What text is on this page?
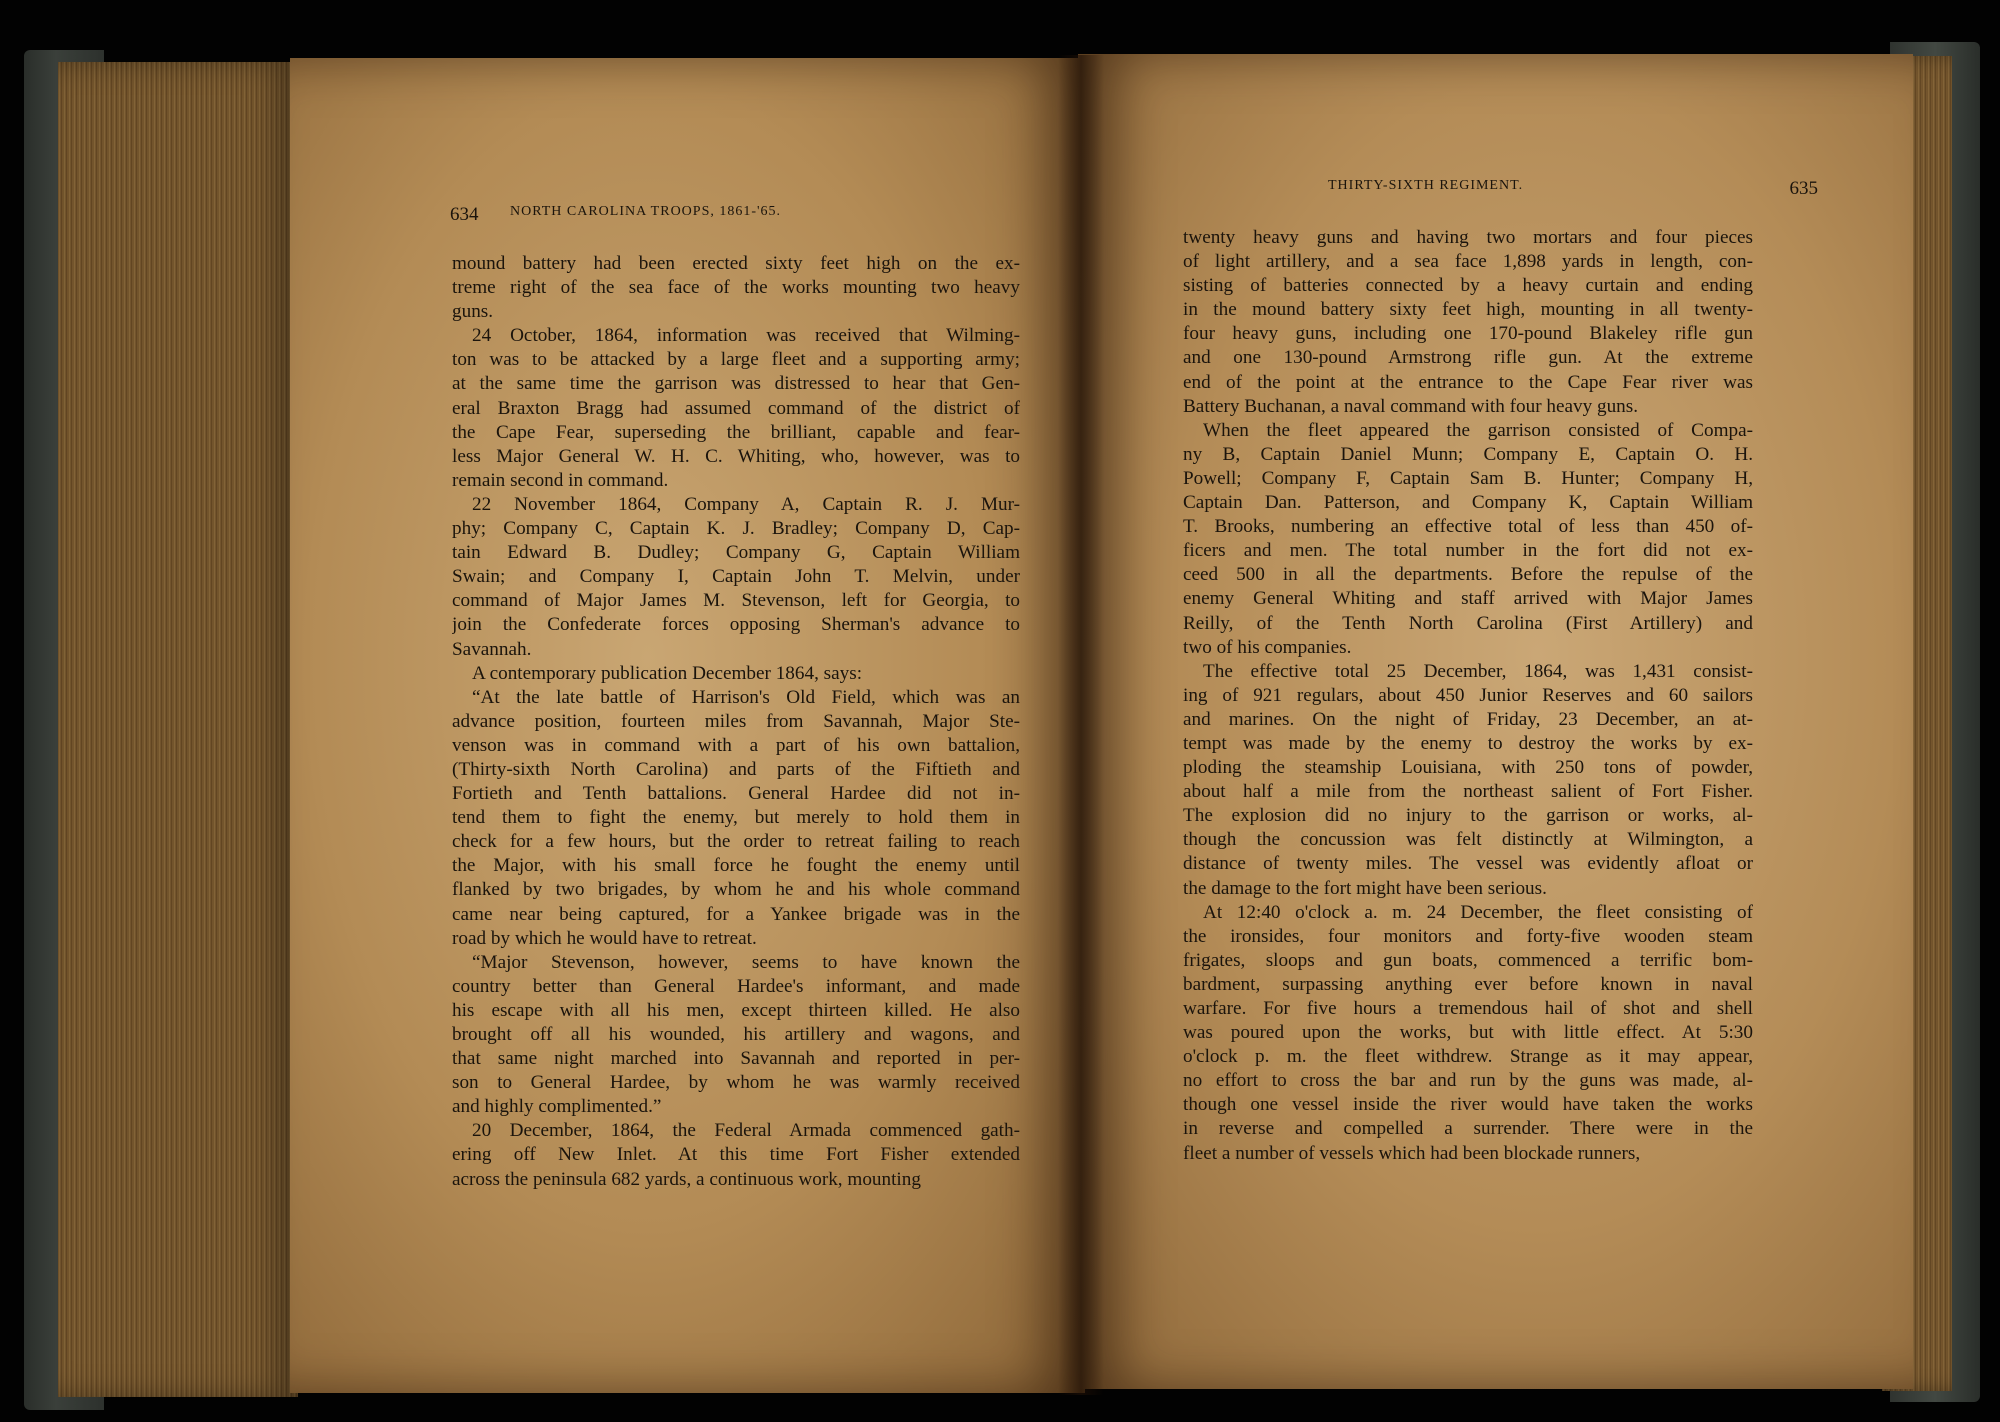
634 NORTH CAROLINA TROOPS, 1861-'65.
mound battery had been erected sixty feet high on the ex-
treme right of the sea face of the works mounting two heavy
guns.
24 October, 1864, information was received that Wilming-
ton was to be attacked by a large fleet and a supporting army;
at the same time the garrison was distressed to hear that Gen-
eral Braxton Bragg had assumed command of the district of
the Cape Fear, superseding the brilliant, capable and fear-
less Major General W. H. C. Whiting, who, however, was to
remain second in command.
22 November 1864, Company A, Captain R. J. Mur-
phy; Company C, Captain K. J. Bradley; Company D, Cap-
tain Edward B. Dudley; Company G, Captain William
Swain; and Company I, Captain John T. Melvin, under
command of Major James M. Stevenson, left for Georgia, to
join the Confederate forces opposing Sherman's advance to
Savannah.
A contemporary publication December 1864, says:
“At the late battle of Harrison's Old Field, which was an
advance position, fourteen miles from Savannah, Major Ste-
venson was in command with a part of his own battalion,
(Thirty-sixth North Carolina) and parts of the Fiftieth and
Fortieth and Tenth battalions. General Hardee did not in-
tend them to fight the enemy, but merely to hold them in
check for a few hours, but the order to retreat failing to reach
the Major, with his small force he fought the enemy until
flanked by two brigades, by whom he and his whole command
came near being captured, for a Yankee brigade was in the
road by which he would have to retreat.
“Major Stevenson, however, seems to have known the
country better than General Hardee's informant, and made
his escape with all his men, except thirteen killed. He also
brought off all his wounded, his artillery and wagons, and
that same night marched into Savannah and reported in per-
son to General Hardee, by whom he was warmly received
and highly complimented.”
20 December, 1864, the Federal Armada commenced gath-
ering off New Inlet. At this time Fort Fisher extended
across the peninsula 682 yards, a continuous work, mounting
THIRTY-SIXTH REGIMENT.	635
twenty heavy guns and having two mortars and four pieces
of light artillery, and a sea face 1,898 yards in length, con-
sisting of batteries connected by a heavy curtain and ending
in the mound battery sixty feet high, mounting in all twenty-
four heavy guns, including one 170-pound Blakeley rifle gun
and one 130-pound Armstrong rifle gun. At the extreme
end of the point at the entrance to the Cape Fear river was
Battery Buchanan, a naval command with four heavy guns.
When the fleet appeared the garrison consisted of Compa-
ny B, Captain Daniel Munn; Company E, Captain O. H.
Powell; Company F, Captain Sam B. Hunter; Company H,
Captain Dan. Patterson, and Company K, Captain William
T. Brooks, numbering an effective total of less than 450 of-
ficers and men. The total number in the fort did not ex-
ceed 500 in all the departments. Before the repulse of the
enemy General Whiting and staff arrived with Major James
Reilly, of the Tenth North Carolina (First Artillery) and
two of his companies.
The effective total 25 December, 1864, was 1,431 consist-
ing of 921 regulars, about 450 Junior Reserves and 60 sailors
and marines. On the night of Friday, 23 December, an at-
tempt was made by the enemy to destroy the works by ex-
ploding the steamship Louisiana, with 250 tons of powder,
about half a mile from the northeast salient of Fort Fisher.
The explosion did no injury to the garrison or works, al-
though the concussion was felt distinctly at Wilmington, a
distance of twenty miles. The vessel was evidently afloat or
the damage to the fort might have been serious.
At 12:40 o'clock a. m. 24 December, the fleet consisting of
the ironsides, four monitors and forty-five wooden steam
frigates, sloops and gun boats, commenced a terrific bom-
bardment, surpassing anything ever before known in naval
warfare. For five hours a tremendous hail of shot and shell
was poured upon the works, but with little effect. At 5:30
o'clock p. m. the fleet withdrew. Strange as it may appear,
no effort to cross the bar and run by the guns was made, al-
though one vessel inside the river would have taken the works
in reverse and compelled a surrender. There were in the
fleet a number of vessels which had been blockade runners,
